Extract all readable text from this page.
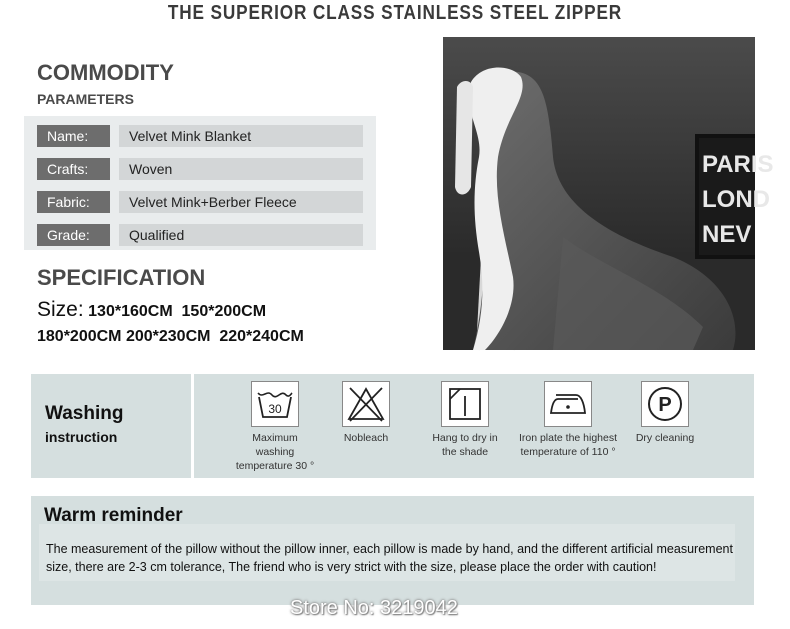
THE SUPERIOR CLASS STAINLESS STEEL ZIPPER
COMMODITY
PARAMETERS
Name:	Velvet Mink Blanket
Crafts:	Woven
Fabric:	Velvet Mink+Berber Fleece
Grade:	Qualified
SPECIFICATION
Size: 130*160CM  150*200CM
180*200CM 200*230CM  220*240CM
PARIS
LOND
NEV
Washing
instruction
30
Maximum washing temperature 30 °
Nobleach	Hang to dry in the shade
Iron plate the highest temperature of 110 °
P
Dry cleaning
Warm reminder
The measurement of the pillow without the pillow inner, each pillow is made by hand, and the different artificial measurement size, there are 2-3 cm tolerance, The friend who is very strict with the size, please place the order with caution!
Store No: 3219042
